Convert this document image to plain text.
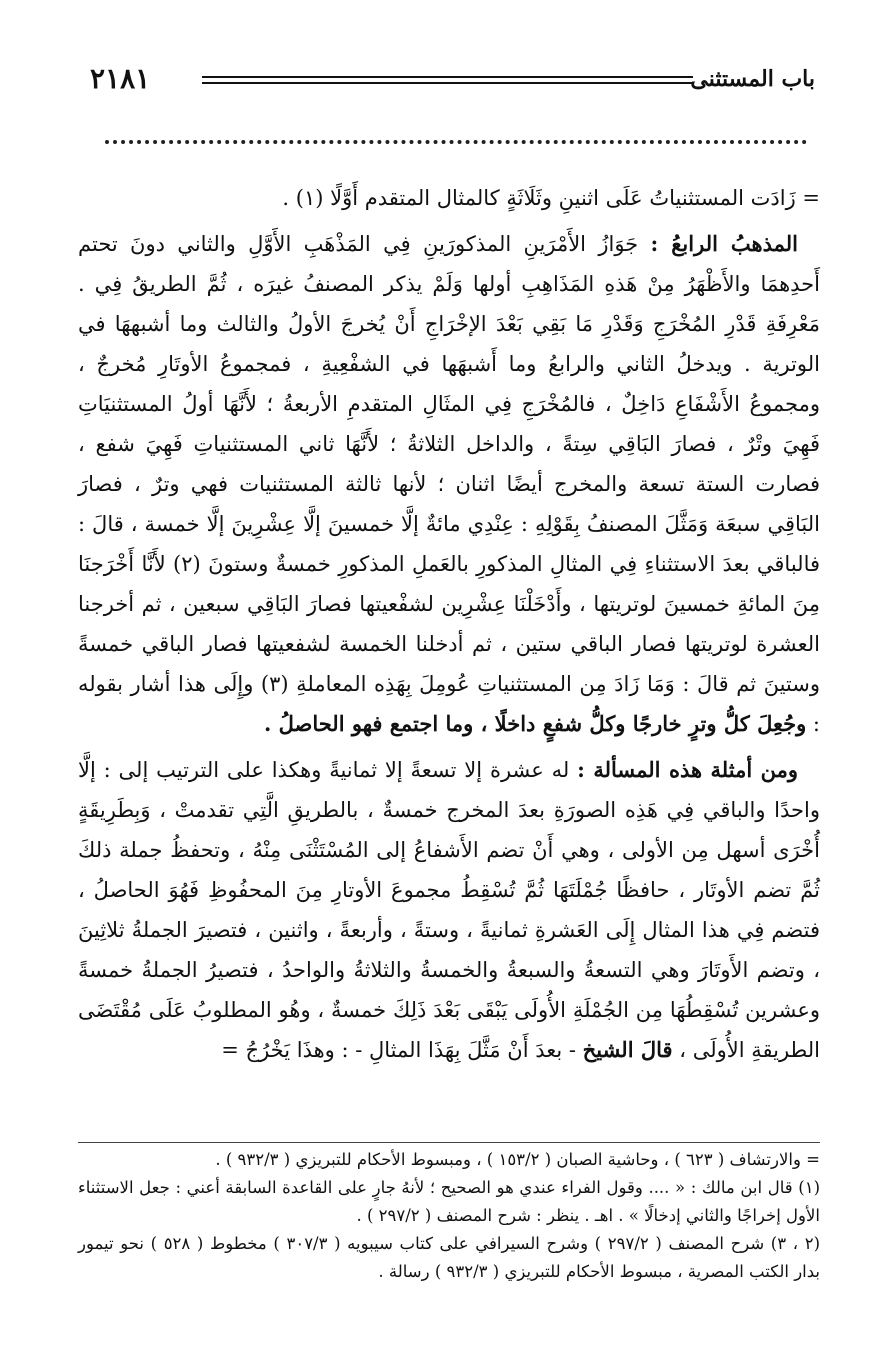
باب المستثنى
٢١٨١

= زَادَت المستثنياتُ عَلَى اثنينِ وثَلَاثَةٍ كالمثال المتقدم أَوَّلًا (١) .

المذهبُ الرابعُ : جَوَازُ الأَمْرَينِ المذكورَينِ فِي المَذْهَبِ الأَوَّلِ والثاني دونَ تحتم أَحدِهمَا والأَظْهَرُ مِنْ هَذهِ المَذَاهِبِ أولها وَلَمْ يذكر المصنفُ غيرَه ، ثُمَّ الطريقُ فِي . مَعْرِفَةِ قَدْرِ المُخْرَجِ وَقَدْرِ مَا بَقِي بَعْدَ الإخْرَاجِ أَنْ يُخرجَ الأولُ والثالث وما أشبههَا في الوترية . ويدخلُ الثاني والرابعُ وما أَشبهَها في الشفْعِيةِ ، فمجموعُ الأوتَارِ مُخرجٌ ، ومجموعُ الأَشْفَاعِ دَاخِلٌ ، فالمُخْرَجِ فِي المثَالِ المتقدمِ الأربعةُ ؛ لأَنَّهَا أولُ المستثنيَاتِ فَهِيَ وتْرٌ ، فصارَ البَاقِي سِتةً ، والداخل الثلاثةُ ؛ لأَنَّهَا ثاني المستثنياتِ فَهِيَ شفع ، فصارت الستة تسعة والمخرج أيضًا اثنان ؛ لأنها ثالثة المستثنيات فهي وترٌ ، فصارَ البَاقِي سبعَة وَمَثَّلَ المصنفُ بِقَوْلِهِ : عِنْدِي مائةٌ إلَّا خمسينَ إلَّا عِشْرِينَ إلَّا خمسة ، قالَ : فالباقي بعدَ الاستثناءِ فِي المثالِ المذكورِ بالعَملِ المذكورِ خمسةٌ وستونَ (٢) لأَنَّا أَخْرَجنَا مِنَ المائةِ خمسينَ لوتريتها ، وأَدْخَلْنَا عِشْرِين لشفْعيتها فصارَ البَاقِي سبعين ، ثم أخرجنا العشرة لوتريتها فصار الباقي ستين ، ثم أدخلنا الخمسة لشفعيتها فصار الباقي خمسةً وستينَ ثم قالَ : وَمَا زَادَ مِن المستثنياتِ عُومِلَ بِهَذِه المعاملةِ (٣) وإِلَى هذا أشار بقوله : وجُعِلَ كلُّ وترٍ خارجًا وكلُّ شفعٍ داخلًا ، وما اجتمع فهو الحاصلُ .

ومن أمثلة هذه المسألة : له عشرة إلا تسعةً إلا ثمانيةً وهكذا على الترتيب إلى : إلَّا واحدًا والباقي فِي هَذِه الصورَةِ بعدَ المخرج خمسةٌ ، بالطريقِ الَّتِي تقدمتْ ، وَبِطَرِيقَةٍ أُخْرَى أسهل مِن الأولى ، وهي أَنْ تضم الأَشفاعُ إلى المُسْتَثْنَى مِنْهُ ، وتحفظُ جملة ذلكَ ثُمَّ تضم الأوتَار ، حافظًا جُمْلَتَهَا ثُمَّ تُسْقِطُ مجموعَ الأوتارِ مِنَ المحفُوظِ فَهُوَ الحاصلُ ، فتضم فِي هذا المثال إِلَى العَشرةِ ثمانيةً ، وستةً ، وأربعةً ، واثنين ، فتصيرَ الجملةُ ثلاثِينَ ، وتضم الأَوتَارَ وهي التسعةُ والسبعةُ والخمسةُ والثلاثةُ والواحدُ ، فتصيرُ الجملةُ خمسةً وعشرين تُسْقِطُهَا مِن الجُمْلَةِ الأُولَى يَبْقَى بَعْدَ ذَلِكَ خمسةٌ ، وهُو المطلوبُ عَلَى مُقْتَضَى الطريقةِ الأُولَى ، قالَ الشيخ - بعدَ أَنْ مَثَّلَ بِهَذَا المثالِ - : وهذَا يَخْرُجُ =

= والارتشاف ( ٦٢٣ ) ، وحاشية الصبان ( ١٥٣/٢ ) ، ومبسوط الأحكام للتبريزي ( ٩٣٢/٣ ) .

(١) قال ابن مالك : « .... وقول الفراء عندي هو الصحيح ؛ لأنهُ جارٍ على القاعدة السابقة أعني : جعل الاستثناء الأول إخراجًا والثاني إدخالًا » . اهـ . ينظر : شرح المصنف ( ٢٩٧/٢ ) .

(٢ ، ٣) شرح المصنف ( ٢٩٧/٢ ) وشرح السيرافي على كتاب سيبويه ( ٣٠٧/٣ ) مخطوط ( ٥٢٨ ) نحو تيمور بدار الكتب المصرية ، مبسوط الأحكام للتبريزي ( ٩٣٢/٣ ) رسالة .
